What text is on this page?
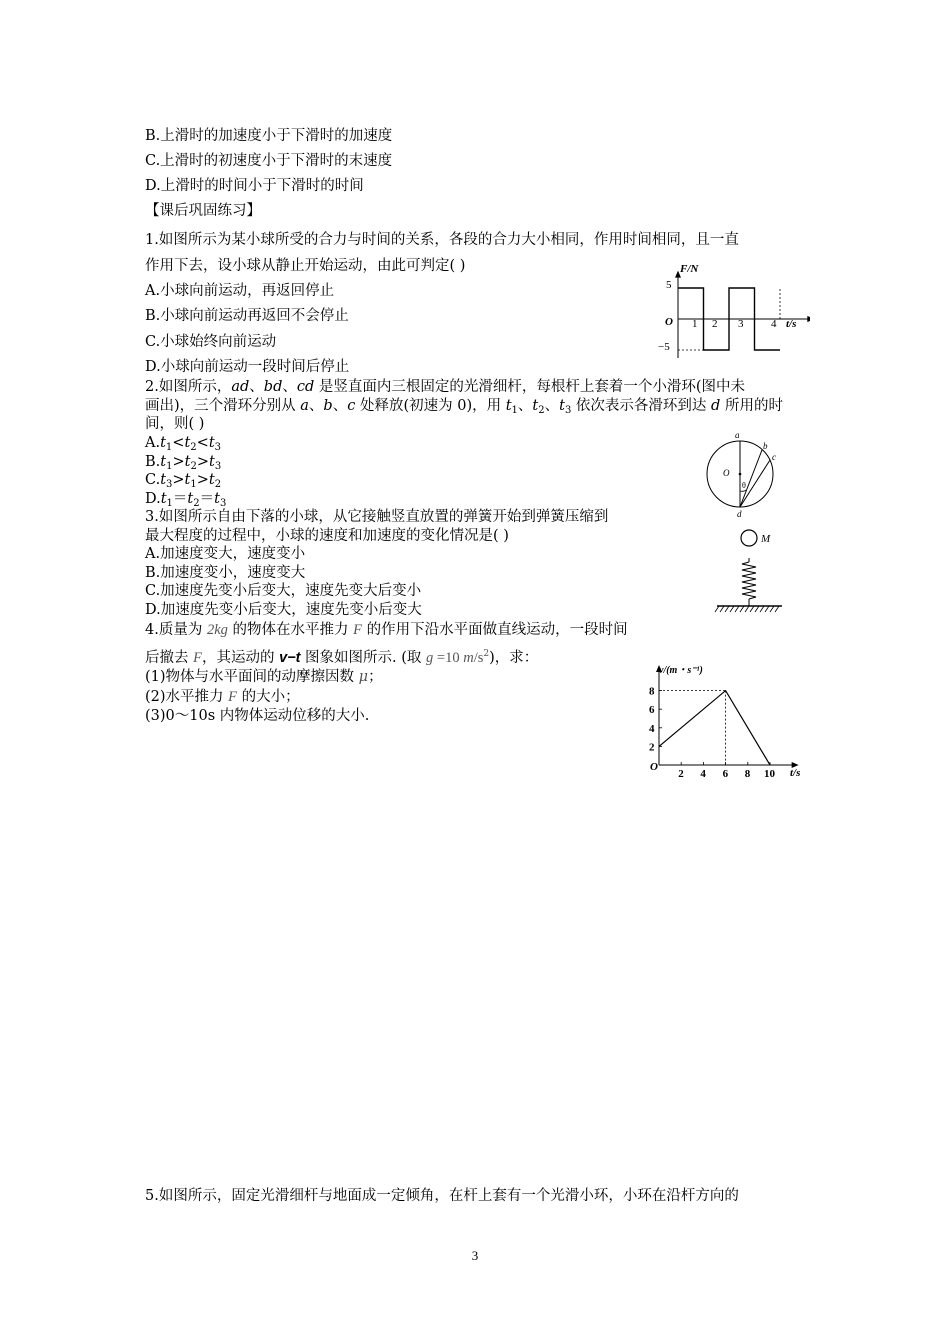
B.上滑时的加速度小于下滑时的加速度
C.上滑时的初速度小于下滑时的末速度
D.上滑时的时间小于下滑时的时间
【课后巩固练习】
1.如图所示为某小球所受的合力与时间的关系，各段的合力大小相同，作用时间相同，且一直
作用下去，设小球从静止开始运动，由此可判定( )
A.小球向前运动，再返回停止
B.小球向前运动再返回不会停止
C.小球始终向前运动
D.小球向前运动一段时间后停止
F/N
t/s
O
5
−5
1 2 3	4
2.如图所示，ad、bd、cd 是竖直面内三根固定的光滑细杆，每根杆上套着一个小滑环(图中未
画出)，三个滑环分别从 a、b、c 处释放(初速为 0)，用 $t_1$、$t_2$、$t_3$ 依次表示各滑环到达 d 所用的时
间，则( )
$A.t_1<t_2<t_3$
$B.t_1>t_2>t_3$
$C.t_3>t_1>t_2$
$D.t_1=t_2=t_3$
a
b
c
d
O
θ
3.如图所示自由下落的小球，从它接触竖直放置的弹簧开始到弹簧压缩到
最大程度的过程中，小球的速度和加速度的变化情况是( )
A.加速度变大，速度变小
B.加速度变小，速度变大
C.加速度先变小后变大，速度先变大后变小
D.加速度先变小后变大，速度先变小后变大
M
4.质量为 2kg 的物体在水平推力 F 的作用下沿水平面做直线运动，一段时间
后撤去 F，其运动的 v−t 图象如图所示. (取 g =10 $m/s^2$)，求：
(1)物体与水平面间的动摩擦因数 μ；
(2)水平推力 F 的大小；
(3)0～10s 内物体运动位移的大小.
v/(m・s⁻¹)
t/s
O
2 4 6 8 10
2
4
6
8
5.如图所示，固定光滑细杆与地面成一定倾角，在杆上套有一个光滑小环，小环在沿杆方向的
3
